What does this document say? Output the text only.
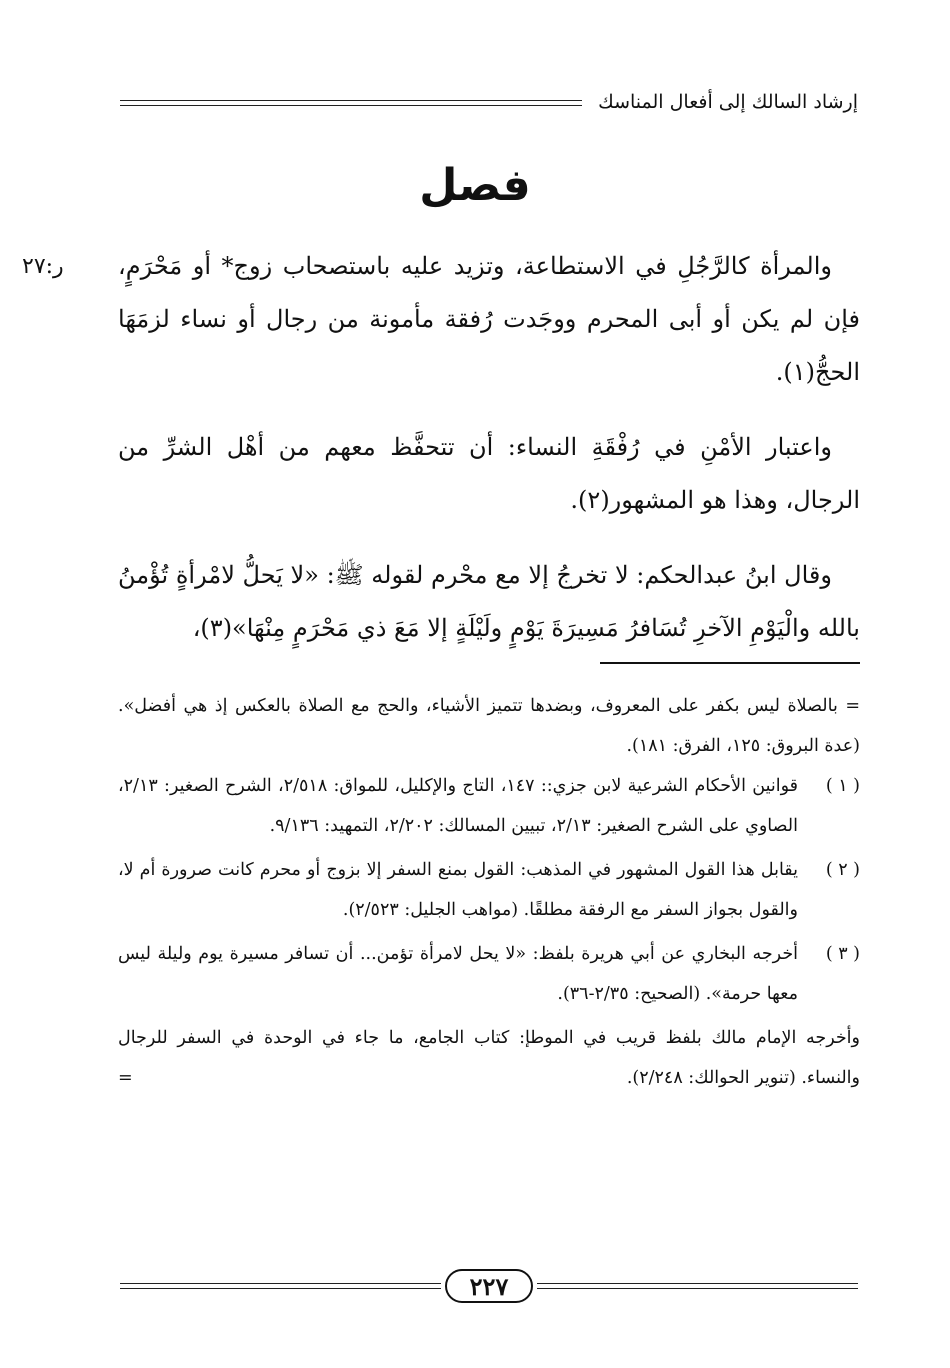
إرشاد السالك إلى أفعال المناسك
فصل
ر:٢٧	والمرأة كالرَّجُلِ في الاستطاعة، وتزيد عليه باستصحاب زوج* أو مَحْرَمٍ، فإن لم يكن أو أبى المحرم ووجَدت رُفقة مأمونة من رجال أو نساء لزمَهَا الحجُّ(١).

واعتبار الأمْنِ في رُفْقَةِ النساء: أن تتحفَّظ معهم من أهْل الشرِّ من الرجال، وهذا هو المشهور(٢).

وقال ابنُ عبدالحكم: لا تخرجُ إلا مع محْرم لقوله ﷺ: «لا يَحلُّ لامْرأةٍ تُؤْمنُ بالله والْيَوْمِ الآخرِ تُسَافرُ مَسِيرَةَ يَوْمٍ ولَيْلَةٍ إلا مَعَ ذي مَحْرَمٍ مِنْهَا»(٣)،

= بالصلاة ليس بكفر على المعروف، وبضدها تتميز الأشياء، والحج مع الصلاة بالعكس إذ هي أفضل». (عدة البروق: ١٢٥، الفرق: ١٨١).

( ١ )
قوانين الأحكام الشرعية لابن جزي:: ١٤٧، التاج والإكليل، للمواق: ٢/٥١٨، الشرح الصغير: ٢/١٣، الصاوي على الشرح الصغير: ٢/١٣، تبيين المسالك: ٢/٢٠٢، التمهيد: ٩/١٣٦.
( ٢ )
يقابل هذا القول المشهور في المذهب: القول بمنع السفر إلا بزوج أو محرم كانت صرورة أم لا، والقول بجواز السفر مع الرفقة مطلقًا. (مواهب الجليل: ٢/٥٢٣).
( ٣ )
أخرجه البخاري عن أبي هريرة بلفظ: «لا يحل لامرأة تؤمن... أن تسافر مسيرة يوم وليلة ليس معها حرمة». (الصحيح: ٢/٣٥-٣٦).
وأخرجه الإمام مالك بلفظ قريب في الموطإ: كتاب الجامع، ما جاء في الوحدة في السفر للرجال والنساء. (تنوير الحوالك: ٢/٢٤٨).
=
٢٢٧
